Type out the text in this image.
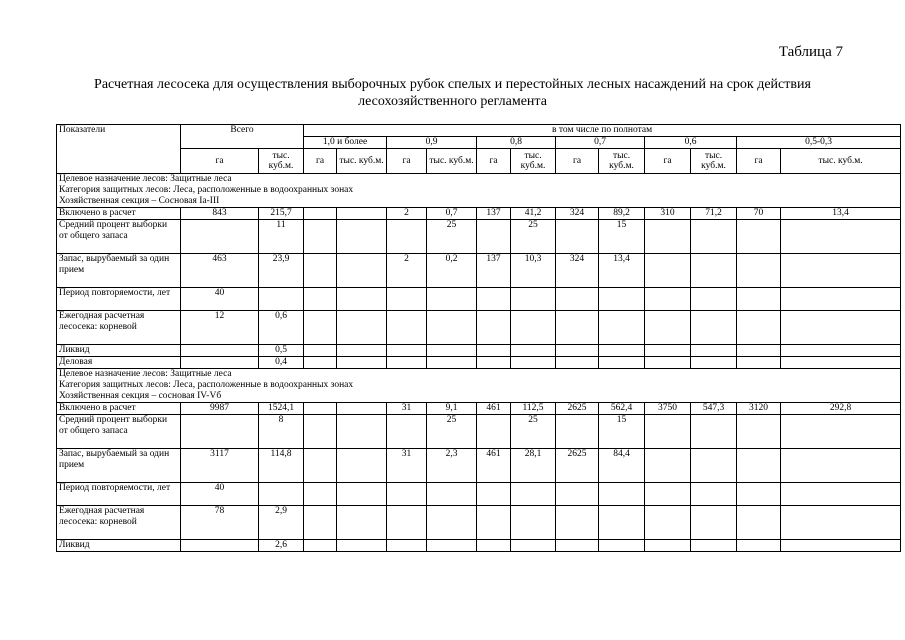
Таблица 7
Расчетная лесосека для осуществления выборочных рубок спелых и перестойных лесных насаждений на срок действия
лесохозяйственного регламента
Показатели	Всего		в том числе по полнотам											
			1,0 и более		0,9		0,8		0,7		0,6		0,5-0,3	
	га	тыс. куб.м.	га	тыс. куб.м.	га	тыс. куб.м.	га	тыс. куб.м.	га	тыс. куб.м.	га	тыс. куб.м.	га	тыс. куб.м.

Целевое назначение лесов: Защитные леса
Категория защитных лесов: Леса, расположенные в водоохранных зонах
Хозяйственная секция – Сосновая Ia-III														

Включено в расчет	843	215,7			2	0,7	137	41,2	324	89,2	310	71,2	70	13,4
Средний процент выборки от общего запаса		11				25		25		15				
Запас, вырубаемый за один прием	463	23,9			2	0,2	137	10,3	324	13,4				
Период повторяемости, лет	40													
Ежегодная расчетная лесосека: корневой	12	0,6												
Ликвид		0,5												
Деловая		0,4												

Целевое назначение лесов: Защитные леса
Категория защитных лесов: Леса, расположенные в водоохранных зонах
Хозяйственная секция – сосновая IV-Vб														

Включено в расчет	9987	1524,1			31	9,1	461	112,5	2625	562,4	3750	547,3	3120	292,8
Средний процент выборки от общего запаса		8				25		25		15				
Запас, вырубаемый за один прием	3117	114,8			31	2,3	461	28,1	2625	84,4				
Период повторяемости, лет	40													
Ежегодная расчетная лесосека: корневой	78	2,9												
Ликвид		2,6												
